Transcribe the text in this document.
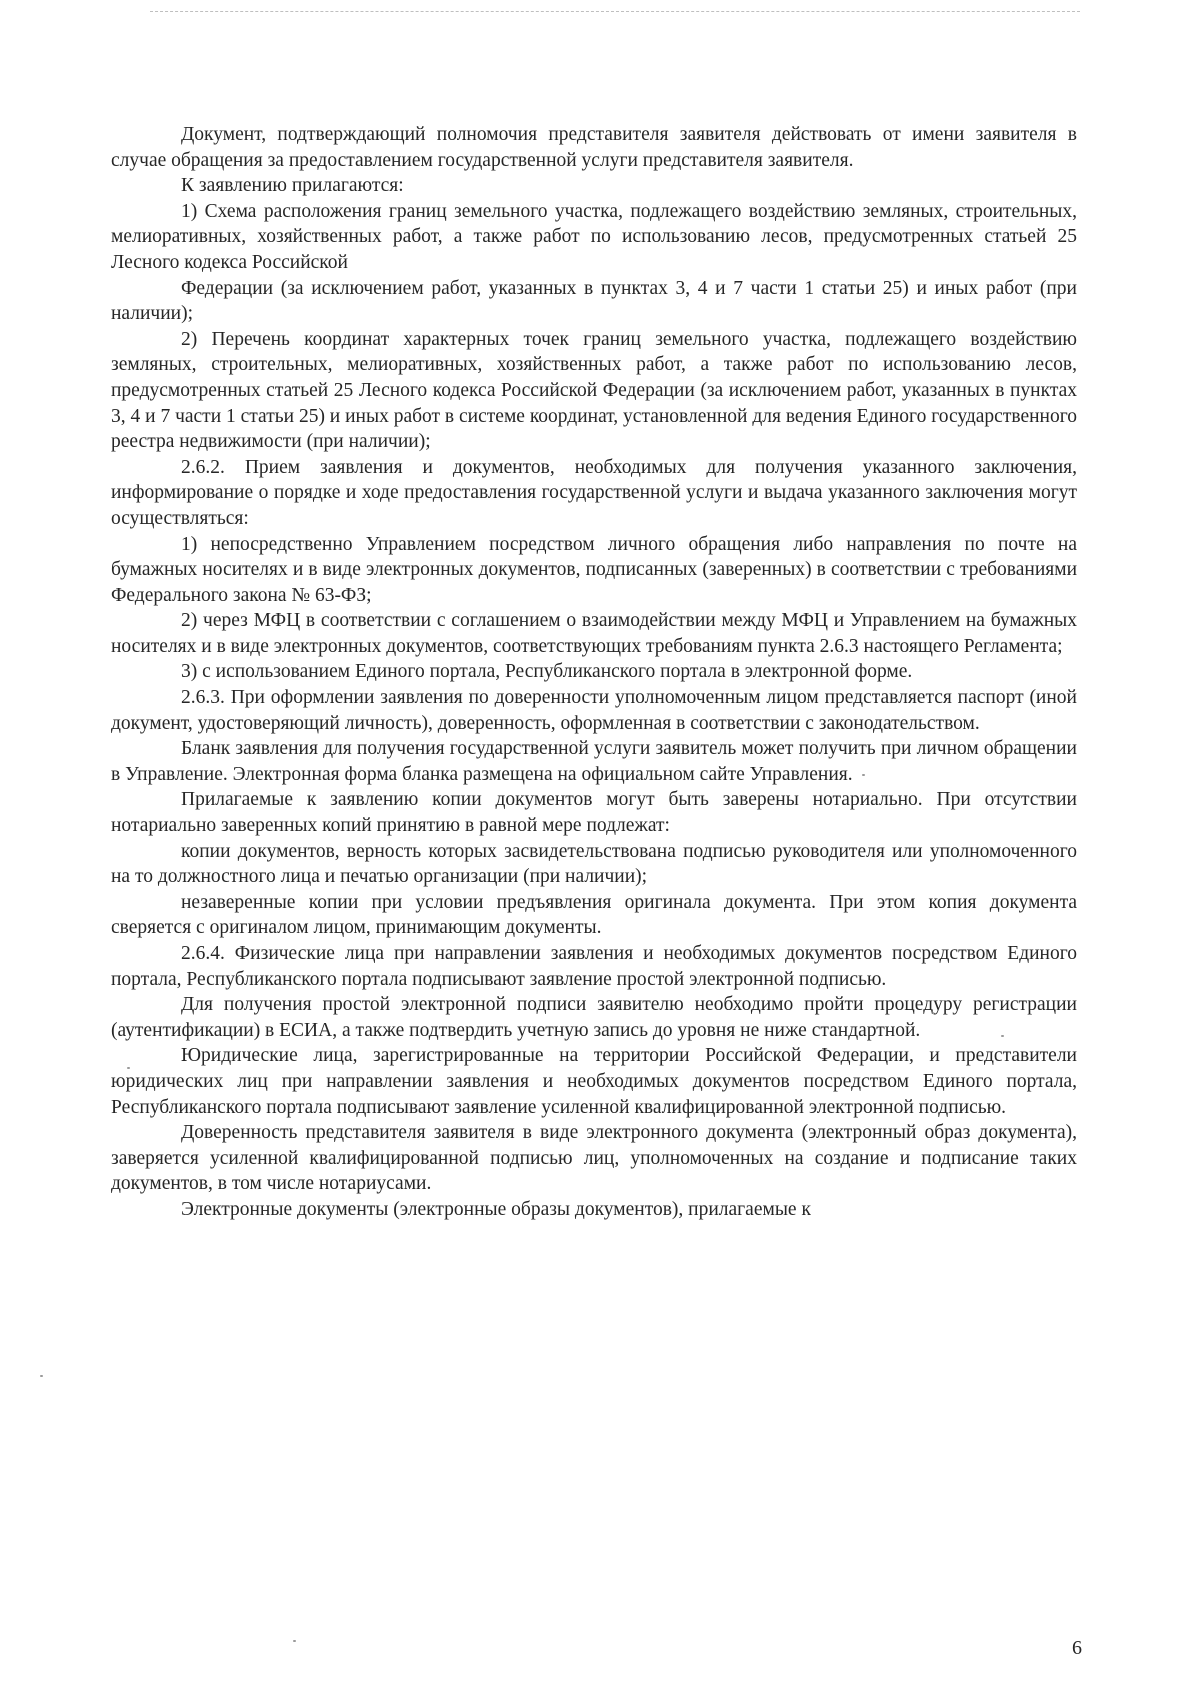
Документ, подтверждающий полномочия представителя заявителя действовать от имени заявителя в случае обращения за предоставлением государственной услуги представителя заявителя.

К заявлению прилагаются:

1) Схема расположения границ земельного участка, подлежащего воздействию земляных, строительных, мелиоративных, хозяйственных работ, а также работ по использованию лесов, предусмотренных статьей 25 Лесного кодекса Российской

Федерации (за исключением работ, указанных в пунктах 3, 4 и 7 части 1 статьи 25) и иных работ (при наличии);

2) Перечень координат характерных точек границ земельного участка, подлежащего воздействию земляных, строительных, мелиоративных, хозяйственных работ, а также работ по использованию лесов, предусмотренных статьей 25 Лесного кодекса Российской Федерации (за исключением работ, указанных в пунктах 3, 4 и 7 части 1 статьи 25) и иных работ в системе координат, установленной для ведения Единого государственного реестра недвижимости (при наличии);

2.6.2. Прием заявления и документов, необходимых для получения указанного заключения, информирование о порядке и ходе предоставления государственной услуги и выдача указанного заключения могут осуществляться:

1) непосредственно Управлением посредством личного обращения либо направления по почте на бумажных носителях и в виде электронных документов, подписанных (заверенных) в соответствии с требованиями Федерального закона № 63-ФЗ;

2) через МФЦ в соответствии с соглашением о взаимодействии между МФЦ и Управлением на бумажных носителях и в виде электронных документов, соответствующих требованиям пункта 2.6.3 настоящего Регламента;

3) с использованием Единого портала, Республиканского портала в электронной форме.

2.6.3. При оформлении заявления по доверенности уполномоченным лицом представляется паспорт (иной документ, удостоверяющий личность), доверенность, оформленная в соответствии с законодательством.

Бланк заявления для получения государственной услуги заявитель может получить при личном обращении в Управление. Электронная форма бланка размещена на официальном сайте Управления.

Прилагаемые к заявлению копии документов могут быть заверены нотариально. При отсутствии нотариально заверенных копий принятию в равной мере подлежат:

копии документов, верность которых засвидетельствована подписью руководителя или уполномоченного на то должностного лица и печатью организации (при наличии);

незаверенные копии при условии предъявления оригинала документа. При этом копия документа сверяется с оригиналом лицом, принимающим документы.

2.6.4. Физические лица при направлении заявления и необходимых документов посредством Единого портала, Республиканского портала подписывают заявление простой электронной подписью.

Для получения простой электронной подписи заявителю необходимо пройти процедуру регистрации (аутентификации) в ЕСИА, а также подтвердить учетную запись до уровня не ниже стандартной.

Юридические лица, зарегистрированные на территории Российской Федерации, и представители юридических лиц при направлении заявления и необходимых документов посредством Единого портала, Республиканского портала подписывают заявление усиленной квалифицированной электронной подписью.

Доверенность представителя заявителя в виде электронного документа (электронный образ документа), заверяется усиленной квалифицированной подписью лиц, уполномоченных на создание и подписание таких документов, в том числе нотариусами.

Электронные документы (электронные образы документов), прилагаемые к

6
